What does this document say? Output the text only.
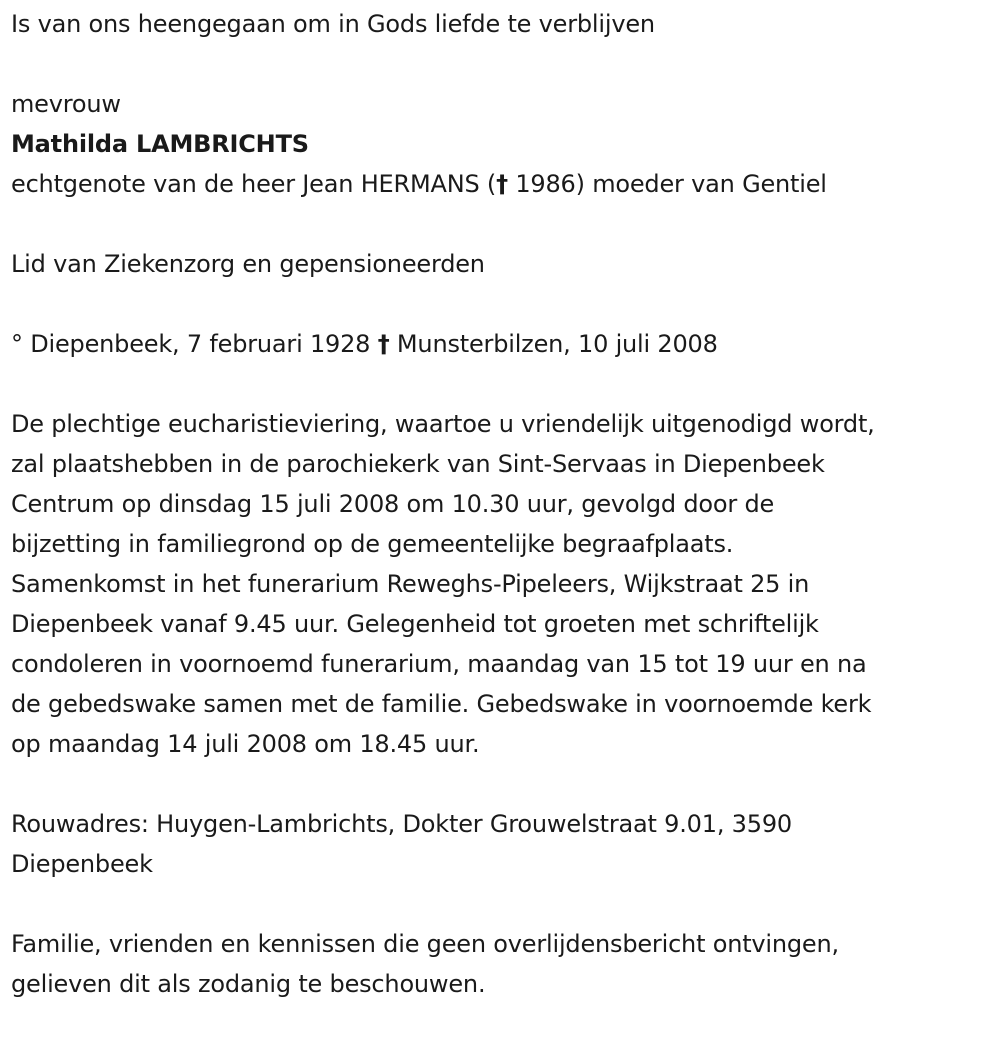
Is van ons heengegaan om in Gods liefde te verblijven
mevrouw
Mathilda LAMBRICHTS
echtgenote van de heer Jean HERMANS († 1986) moeder van Gentiel
Lid van Ziekenzorg en gepensioneerden
° Diepenbeek, 7 februari 1928 † Munsterbilzen, 10 juli 2008
De plechtige eucharistieviering, waartoe u vriendelijk uitgenodigd wordt,
zal plaatshebben in de parochiekerk van Sint-Servaas in Diepenbeek
Centrum op dinsdag 15 juli 2008 om 10.30 uur, gevolgd door de
bijzetting in familiegrond op de gemeentelijke begraafplaats.
Samenkomst in het funerarium Reweghs-Pipeleers, Wijkstraat 25 in
Diepenbeek vanaf 9.45 uur. Gelegenheid tot groeten met schriftelijk
condoleren in voornoemd funerarium, maandag van 15 tot 19 uur en na
de gebedswake samen met de familie. Gebedswake in voornoemde kerk
op maandag 14 juli 2008 om 18.45 uur.
Rouwadres: Huygen-Lambrichts, Dokter Grouwelstraat 9.01, 3590
Diepenbeek
Familie, vrienden en kennissen die geen overlijdensbericht ontvingen,
gelieven dit als zodanig te beschouwen.
